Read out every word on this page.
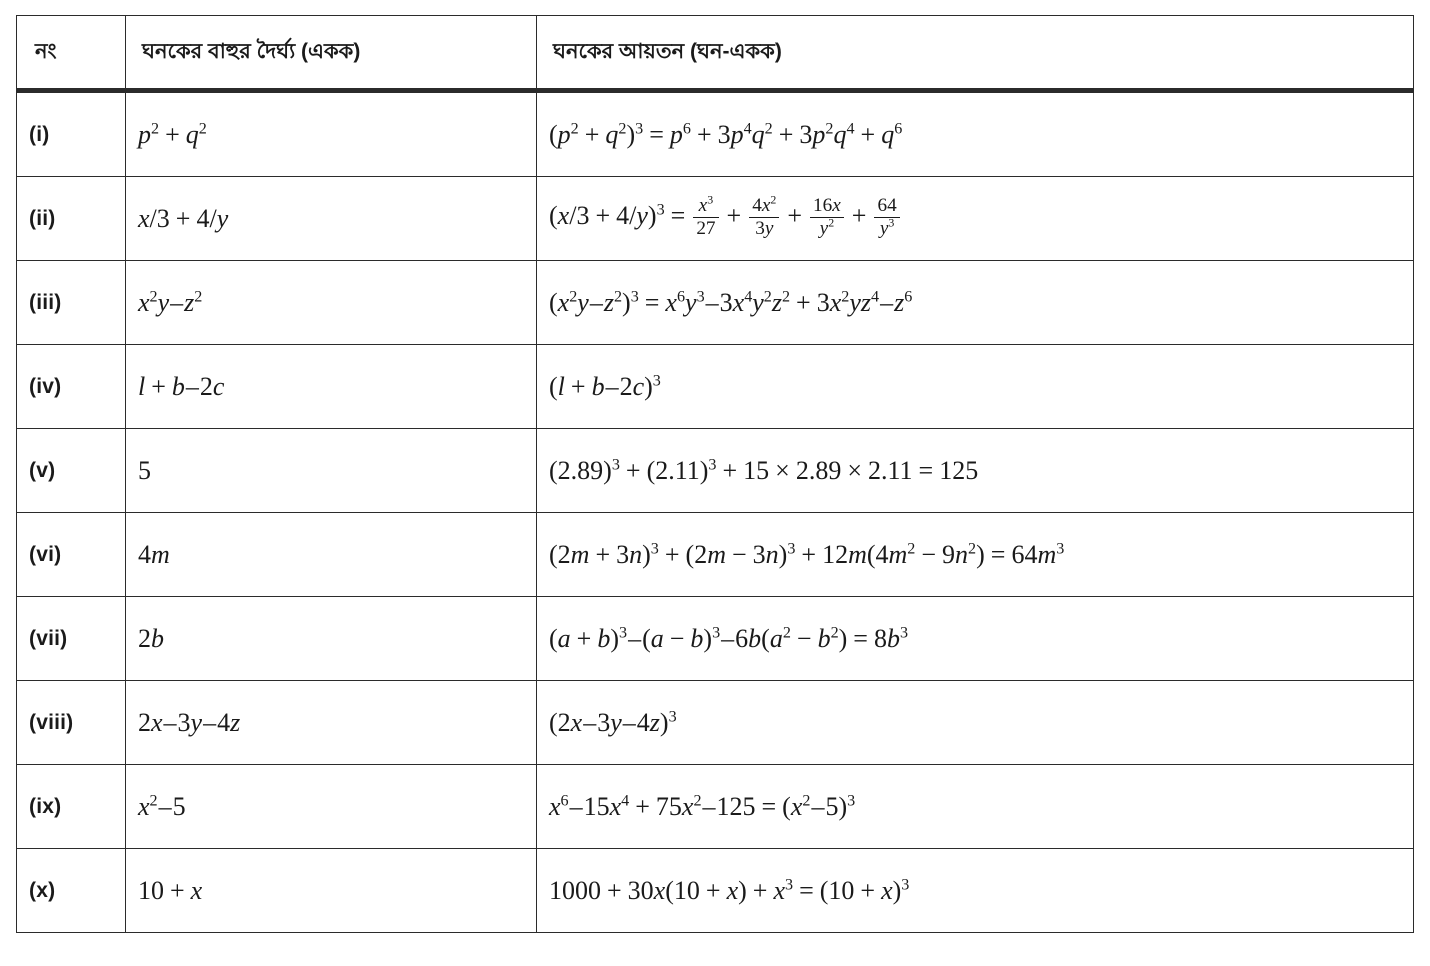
নং	ঘনকের বাহুর দৈর্ঘ্য (একক)	ঘনকের আয়তন (ঘন-একক)
(i)	$p^2 + q^2$	$(p^2 + q^2)^3 = p^6 + 3p^4q^2 + 3p^2q^4 + q^6$
(ii)	x/3 + 4/y	$(x/3 + 4/y)^3 = \frac{x^3}{27} + \frac{4x^2}{3y} + \frac{16x}{y^2} + \frac{64}{y^3}$

(iii)	$x^2y-z^2$	$(x^2y-z^2)^3 = x^6y^3-3x^4y^2z^2 + 3x^2yz^4-z^6$
(iv)	l + b–2c	$(l + b-2c)^3$
(v)	5	$(2.89)^3 + (2.11)^3 + 15 \times 2.89 \times 2.11 = 125$
(vi)	4m	$(2m + 3n)^3 + (2m - 3n)^3 + 12m(4m^2 - 9n^2) = 64m^3$
(vii)	2b	$(a + b)^3-(a - b)^3-6b(a^2 - b^2) = 8b^3$
(viii)	2x–3y–4z	$(2x-3y-4z)^3$
(ix)	$x^2-5$	$x^6-15x^4 + 75x^2-125 = (x^2-5)^3$
(x)	10 + x	$1000 + 30x(10 + x) + x^3 = (10 + x)^3$
